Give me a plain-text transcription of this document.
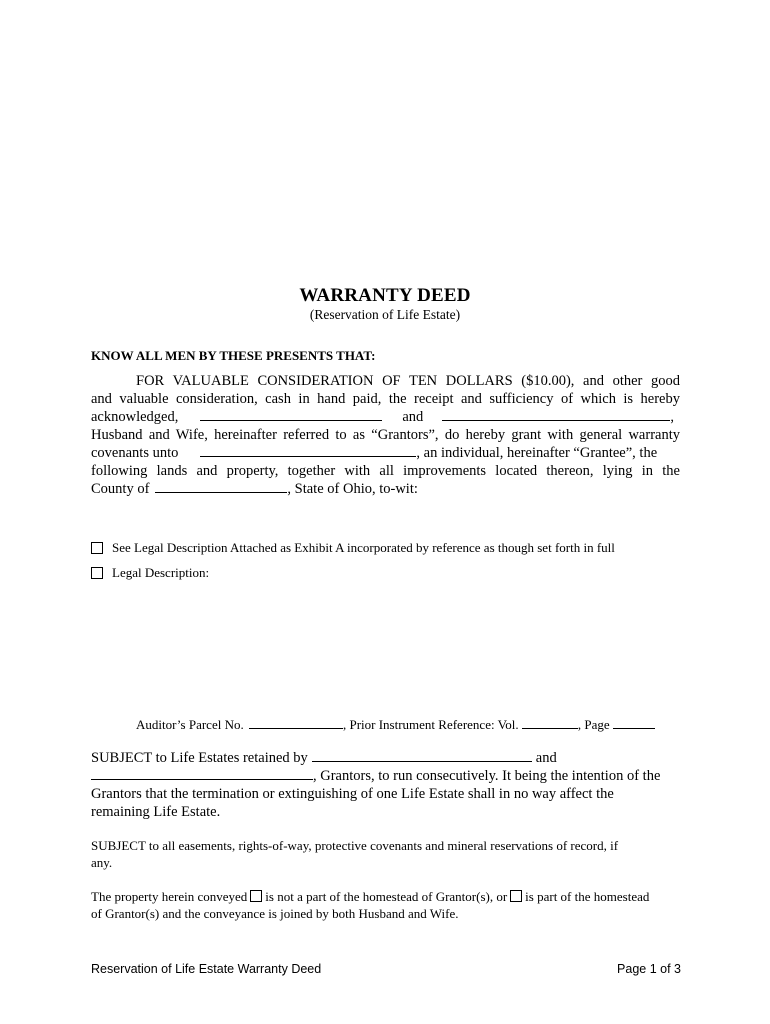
WARRANTY DEED
(Reservation of Life Estate)
KNOW ALL MEN BY THESE PRESENTS THAT:
FOR VALUABLE CONSIDERATION OF TEN DOLLARS ($10.00), and other good
and valuable consideration, cash in hand paid, the receipt and sufficiency of which is hereby
acknowledged,	and	,
Husband and Wife, hereinafter referred to as “Grantors”, do hereby grant with general warranty
covenants unto	, an individual, hereinafter “Grantee”, the
following lands and property, together with all improvements located thereon, lying in the
County of	, State of Ohio, to-wit:
See Legal Description Attached as Exhibit A incorporated by reference as though set forth in full
Legal Description:
Auditor’s Parcel No.	, Prior Instrument Reference: Vol.	, Page
SUBJECT to Life Estates retained by	and
, Grantors, to run consecutively. It being the intention of the
Grantors that the termination or extinguishing of one Life Estate shall in no way affect the
remaining Life Estate.
SUBJECT to all easements, rights-of-way, protective covenants and mineral reservations of record, if
any.
The property herein conveyed is not a part of the homestead of Grantor(s), or is part of the homestead
of Grantor(s) and the conveyance is joined by both Husband and Wife.
Reservation of Life Estate Warranty Deed	Page 1 of 3
